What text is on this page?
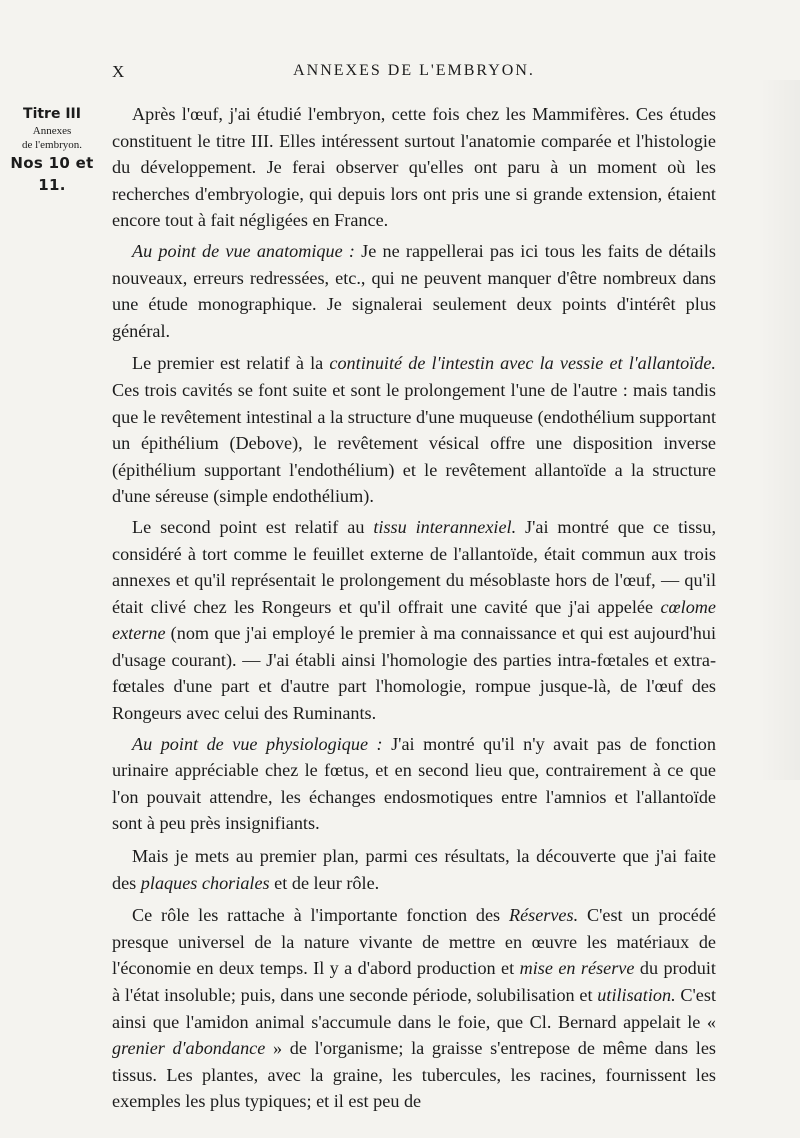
X	ANNEXES DE L'EMBRYON.
Titre III
Annexes
de l'embryon.
Nos 10 et 11.

Après l'œuf, j'ai étudié l'embryon, cette fois chez les Mammifères. Ces études constituent le titre III. Elles intéressent surtout l'anatomie comparée et l'histologie du développement. Je ferai observer qu'elles ont paru à un moment où les recherches d'embryologie, qui depuis lors ont pris une si grande extension, étaient encore tout à fait négligées en France.

Au point de vue anatomique : Je ne rappellerai pas ici tous les faits de détails nouveaux, erreurs redressées, etc., qui ne peuvent manquer d'être nombreux dans une étude monographique. Je signalerai seulement deux points d'intérêt plus général.

Le premier est relatif à la continuité de l'intestin avec la vessie et l'allantoïde. Ces trois cavités se font suite et sont le prolongement l'une de l'autre : mais tandis que le revêtement intestinal a la structure d'une muqueuse (endothélium supportant un épithélium (Debove), le revêtement vésical offre une disposition inverse (épithélium supportant l'endothélium) et le revêtement allantoïde a la structure d'une séreuse (simple endothélium).

Le second point est relatif au tissu interannexiel. J'ai montré que ce tissu, considéré à tort comme le feuillet externe de l'allantoïde, était commun aux trois annexes et qu'il représentait le prolongement du mésoblaste hors de l'œuf, — qu'il était clivé chez les Rongeurs et qu'il offrait une cavité que j'ai appelée cœlome externe (nom que j'ai employé le premier à ma connaissance et qui est aujourd'hui d'usage courant). — J'ai établi ainsi l'homologie des parties intra-fœtales et extra-fœtales d'une part et d'autre part l'homologie, rompue jusque-là, de l'œuf des Rongeurs avec celui des Ruminants.

Au point de vue physiologique : J'ai montré qu'il n'y avait pas de fonction urinaire appréciable chez le fœtus, et en second lieu que, contrairement à ce que l'on pouvait attendre, les échanges endosmotiques entre l'amnios et l'allantoïde sont à peu près insignifiants.

Mais je mets au premier plan, parmi ces résultats, la découverte que j'ai faite des plaques choriales et de leur rôle.

Ce rôle les rattache à l'importante fonction des Réserves. C'est un procédé presque universel de la nature vivante de mettre en œuvre les matériaux de l'économie en deux temps. Il y a d'abord production et mise en réserve du produit à l'état insoluble; puis, dans une seconde période, solubilisation et utilisation. C'est ainsi que l'amidon animal s'accumule dans le foie, que Cl. Bernard appelait le « grenier d'abondance » de l'organisme; la graisse s'entrepose de même dans les tissus. Les plantes, avec la graine, les tubercules, les racines, fournissent les exemples les plus typiques; et il est peu de
